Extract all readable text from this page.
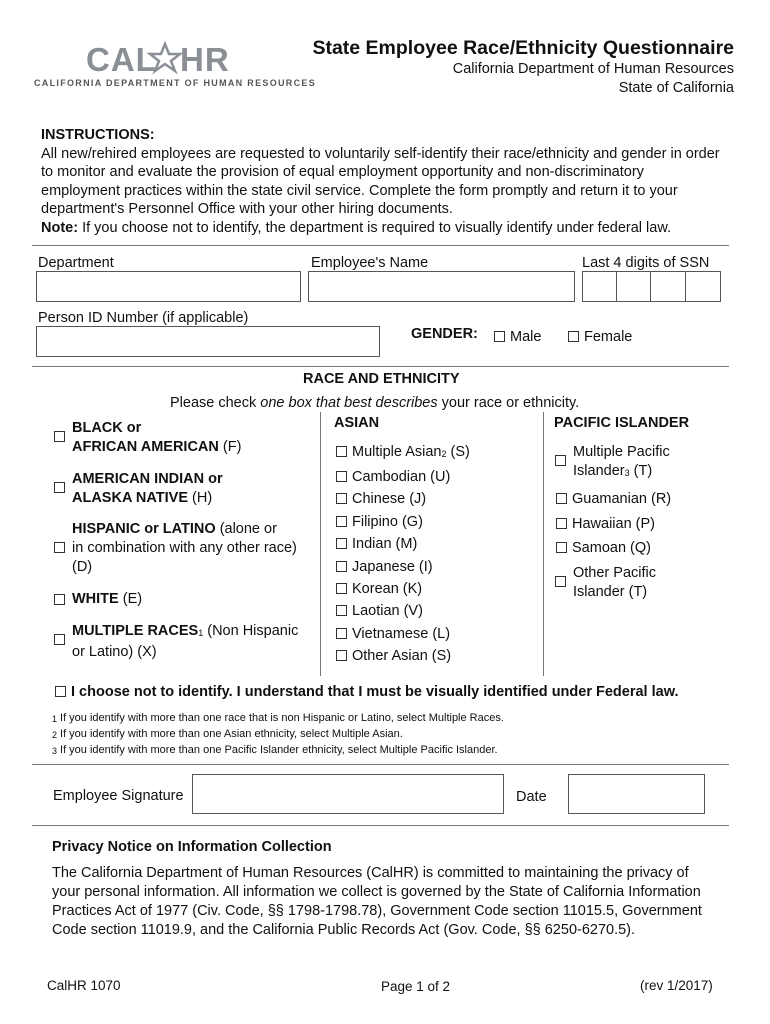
CAL HR
CALIFORNIA DEPARTMENT OF HUMAN RESOURCES
State Employee Race/Ethnicity Questionnaire
California Department of Human Resources
State of California
INSTRUCTIONS:
All new/rehired employees are requested to voluntarily self-identify their race/ethnicity and gender in order to monitor and evaluate the provision of equal employment opportunity and non-discriminatory employment practices within the state civil service. Complete the form promptly and return it to your department's Personnel Office with your other hiring documents.
Note: If you choose not to identify, the department is required to visually identify under federal law.
Department	Employee's Name	Last 4 digits of SSN
Person ID Number (if applicable)
GENDER:	Male	Female
RACE AND ETHNICITY
Please check one box that best describes your race or ethnicity.
BLACK or
AFRICAN AMERICAN (F)
AMERICAN INDIAN or
ALASKA NATIVE (H)
HISPANIC or LATINO (alone or
in combination with any other race)
(D)
WHITE (E)
MULTIPLE $RACES_1$ (Non Hispanic
or Latino) (X)
ASIAN
Multiple Asian$_2$ (S)
Cambodian (U)
Chinese (J)
Filipino (G)
Indian (M)
Japanese (I)
Korean (K)
Laotian (V)
Vietnamese (L)
Other Asian (S)
PACIFIC ISLANDER
Multiple Pacific
Islander$_3$ (T)
Guamanian (R)
Hawaiian (P)
Samoan (Q)
Other Pacific
Islander (T)
I choose not to identify. I understand that I must be visually identified under Federal law.
$_1$ If you identify with more than one race that is non Hispanic or Latino, select Multiple Races.
$_2$ If you identify with more than one Asian ethnicity, select Multiple Asian.
$_3$ If you identify with more than one Pacific Islander ethnicity, select Multiple Pacific Islander.
Employee Signature	Date
Privacy Notice on Information Collection
The California Department of Human Resources (CalHR) is committed to maintaining the privacy of your personal information. All information we collect is governed by the State of California Information Practices Act of 1977 (Civ. Code, §§ 1798-1798.78), Government Code section 11015.5, Government Code section 11019.9, and the California Public Records Act (Gov. Code, §§ 6250-6270.5).
CalHR 1070	Page 1 of 2	(rev 1/2017)
